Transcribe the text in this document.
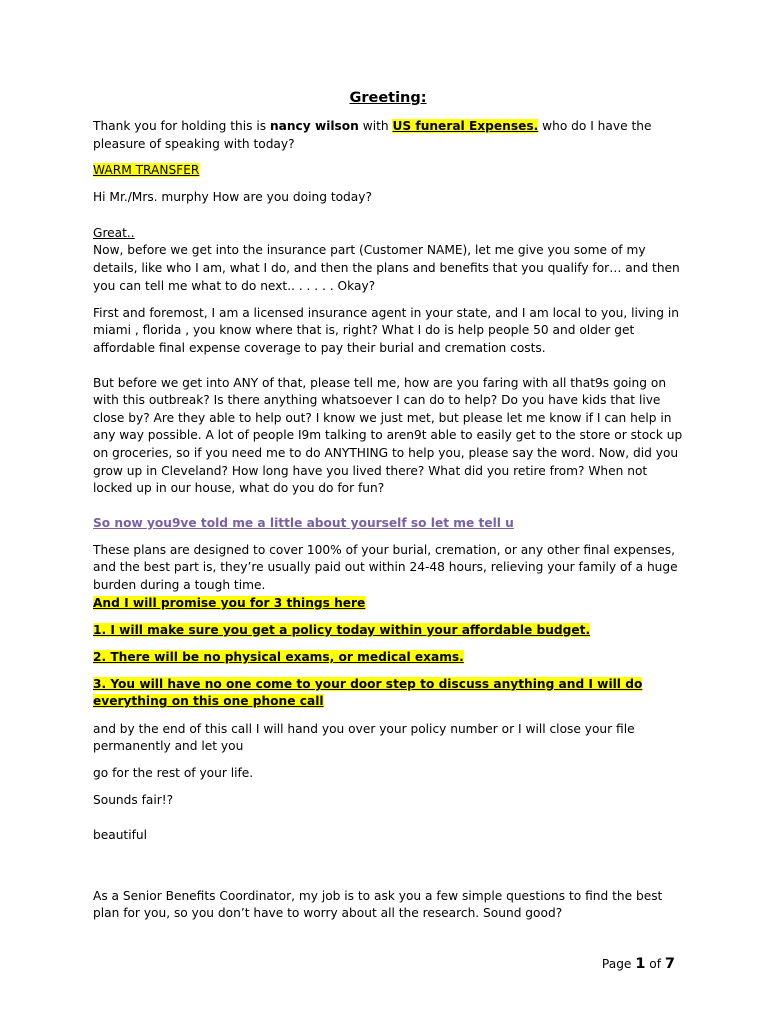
Greeting:

Thank you for holding this is nancy wilson with US funeral Expenses. who do I have the pleasure of speaking with today?

WARM TRANSFER

Hi Mr./Mrs. murphy How are you doing today?

Great..
Now, before we get into the insurance part (Customer NAME), let me give you some of my details, like who I am, what I do, and then the plans and benefits that you qualify for… and then you can tell me what to do next.. . . . . . Okay?

First and foremost, I am a licensed insurance agent in your state, and I am local to you, living in miami , florida , you know where that is, right? What I do is help people 50 and older get affordable final expense coverage to pay their burial and cremation costs.

But before we get into ANY of that, please tell me, how are you faring with all that9s going on with this outbreak? Is there anything whatsoever I can do to help? Do you have kids that live close by? Are they able to help out? I know we just met, but please let me know if I can help in any way possible. A lot of people I9m talking to aren9t able to easily get to the store or stock up on groceries, so if you need me to do ANYTHING to help you, please say the word. Now, did you grow up in Cleveland? How long have you lived there? What did you retire from? When not locked up in our house, what do you do for fun?

So now you9ve told me a little about yourself so let me tell u

These plans are designed to cover 100% of your burial, cremation, or any other final expenses, and the best part is, they’re usually paid out within 24-48 hours, relieving your family of a huge burden during a tough time.
And I will promise you for 3 things here

1. I will make sure you get a policy today within your affordable budget.

2. There will be no physical exams, or medical exams.

3. You will have no one come to your door step to discuss anything and I will do everything on this one phone call

and by the end of this call I will hand you over your policy number or I will close your file permanently and let you

go for the rest of your life.

Sounds fair!?

beautiful

As a Senior Benefits Coordinator, my job is to ask you a few simple questions to find the best plan for you, so you don’t have to worry about all the research. Sound good?

Page 1 of 7
